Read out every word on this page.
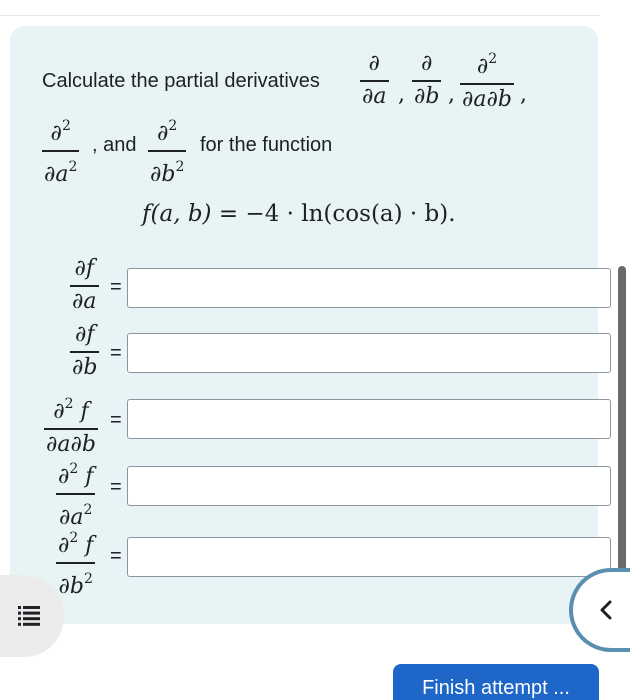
Calculate the partial derivatives
∂
∂a ,
∂
∂b ,
∂$^2$
∂a∂b ,
∂$^2$
$\partial a^2$
, and ∂$^2$
$\partial b^2$
for the function
f(a, b) = −4 · ln(cos(a) · b).
∂f
∂a
=
∂f
∂b
=
∂$^2$ f
∂a∂b
=
∂$^2$ f
$\partial a^2$
=
∂$^2$ f
$\partial b^2$
=
Finish attempt ...
